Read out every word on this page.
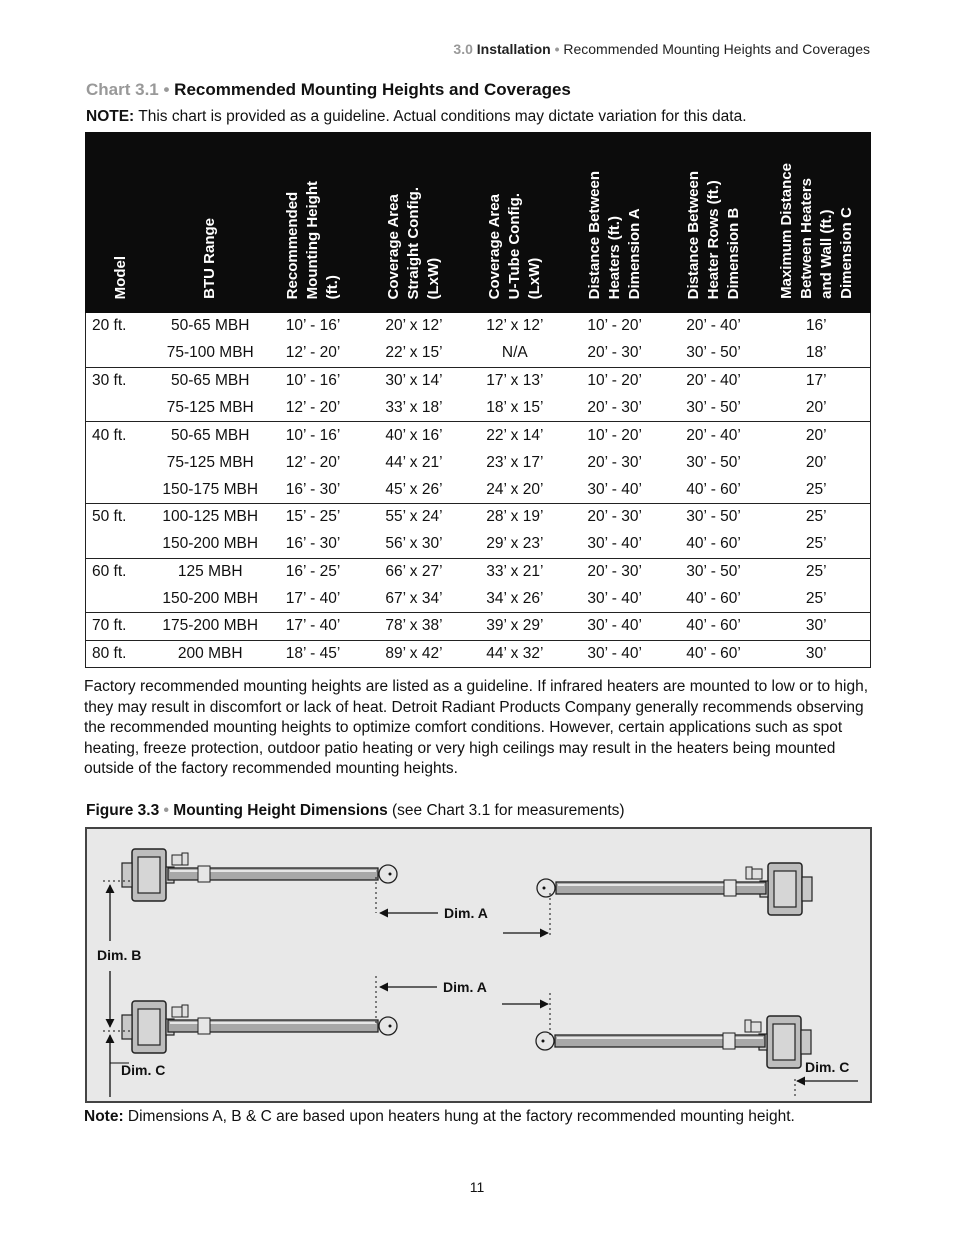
3.0 Installation • Recommended Mounting Heights and Coverages
Chart 3.1 • Recommended Mounting Heights and Coverages
NOTE: This chart is provided as a guideline. Actual conditions may dictate variation for this data.
Model	BTU Range	Recommended
Mounting Height
(ft.)	Coverage Area
Straight Config.
(LxW)	Coverage Area
U-Tube Config.
(LxW)	Distance Between
Heaters (ft.)
Dimension A	Distance Between
Heater Rows (ft.)
Dimension B	Maximum Distance
Between Heaters
and Wall (ft.)
Dimension C
20 ft.	50-65 MBH	10’ - 16’	20’ x 12’	12’ x 12’	10’ - 20’	20’ - 40’	16’
	75-100 MBH	12’ - 20’	22’ x 15’	N/A	20’ - 30’	30’ - 50’	18’
30 ft.	50-65 MBH	10’ - 16’	30’ x 14’	17’ x 13’	10’ - 20’	20’ - 40’	17’
	75-125 MBH	12’ - 20’	33’ x 18’	18’ x 15’	20’ - 30’	30’ - 50’	20’
40 ft.	50-65 MBH	10’ - 16’	40’ x 16’	22’ x 14’	10’ - 20’	20’ - 40’	20’
	75-125 MBH	12’ - 20’	44’ x 21’	23’ x 17’	20’ - 30’	30’ - 50’	20’
	150-175 MBH	16’ - 30’	45’ x 26’	24’ x 20’	30’ - 40’	40’ - 60’	25’
50 ft.	100-125 MBH	15’ - 25’	55’ x 24’	28’ x 19’	20’ - 30’	30’ - 50’	25’
	150-200 MBH	16’ - 30’	56’ x 30’	29’ x 23’	30’ - 40’	40’ - 60’	25’
60 ft.	125 MBH	16’ - 25’	66’ x 27’	33’ x 21’	20’ - 30’	30’ - 50’	25’
	150-200 MBH	17’ - 40’	67’ x 34’	34’ x 26’	30’ - 40’	40’ - 60’	25’
70 ft.	175-200 MBH	17’ - 40’	78’ x 38’	39’ x 29’	30’ - 40’	40’ - 60’	30’
80 ft.	200 MBH	18’ - 45’	89’ x 42’	44’ x 32’	30’ - 40’	40’ - 60’	30’

Factory recommended mounting heights are listed as a guideline. If infrared heaters are mounted to low or to high, they may result in discomfort or lack of heat. Detroit Radiant Products Company generally recommends observing the recommended mounting heights to optimize comfort conditions. However, certain applications such as spot heating, freeze protection, outdoor patio heating or very high ceilings may result in the heaters being mounted outside of the factory recommended mounting heights.

Figure 3.3 • Mounting Height Dimensions (see Chart 3.1 for measurements)
Dim. A
Dim. A
Dim. B
Dim. C	Dim. C
Note: Dimensions A, B & C are based upon heaters hung at the factory recommended mounting height.
11
